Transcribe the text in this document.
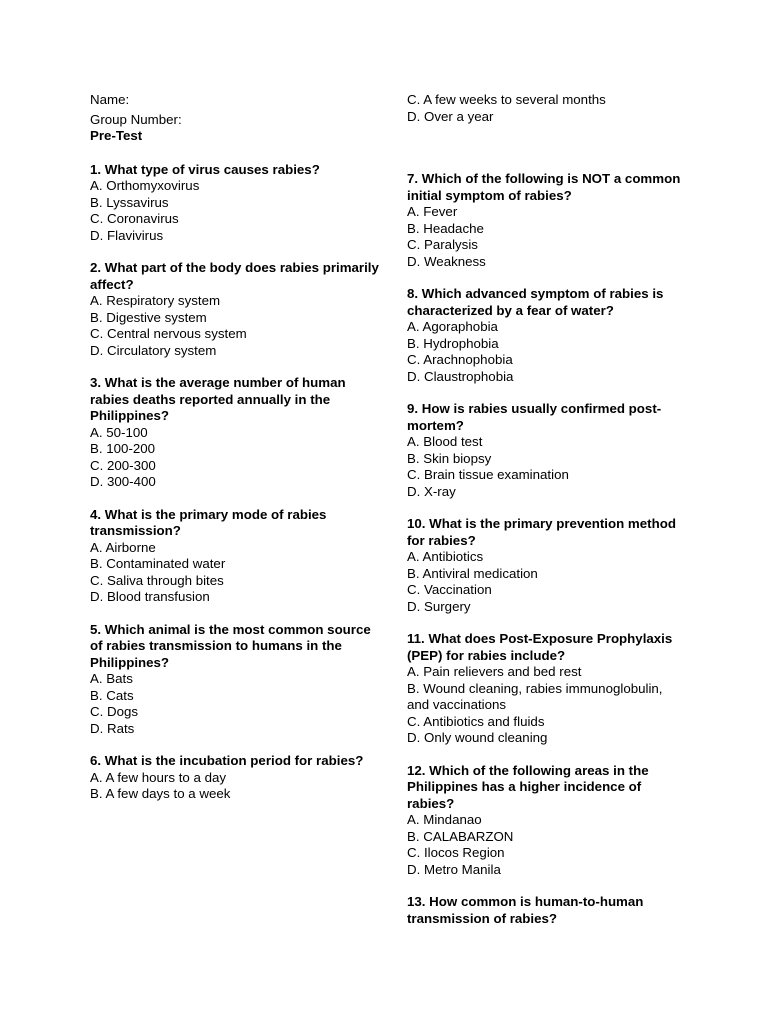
Name:
Group Number:
Pre-Test
1. What type of virus causes rabies?
A. Orthomyxovirus
B. Lyssavirus
C. Coronavirus
D. Flavivirus
2. What part of the body does rabies primarily affect?
A. Respiratory system
B. Digestive system
C. Central nervous system
D. Circulatory system
3. What is the average number of human rabies deaths reported annually in the Philippines?
A. 50-100
B. 100-200
C. 200-300
D. 300-400
4. What is the primary mode of rabies transmission?
A. Airborne
B. Contaminated water
C. Saliva through bites
D. Blood transfusion
5. Which animal is the most common source of rabies transmission to humans in the Philippines?
A. Bats
B. Cats
C. Dogs
D. Rats
6. What is the incubation period for rabies?
A. A few hours to a day
B. A few days to a week
C. A few weeks to several months
D. Over a year
7. Which of the following is NOT a common initial symptom of rabies?
A. Fever
B. Headache
C. Paralysis
D. Weakness
8. Which advanced symptom of rabies is characterized by a fear of water?
A. Agoraphobia
B. Hydrophobia
C. Arachnophobia
D. Claustrophobia
9. How is rabies usually confirmed post-mortem?
A. Blood test
B. Skin biopsy
C. Brain tissue examination
D. X-ray
10. What is the primary prevention method for rabies?
A. Antibiotics
B. Antiviral medication
C. Vaccination
D. Surgery
11. What does Post-Exposure Prophylaxis (PEP) for rabies include?
A. Pain relievers and bed rest
B. Wound cleaning, rabies immunoglobulin, and vaccinations
C. Antibiotics and fluids
D. Only wound cleaning
12. Which of the following areas in the Philippines has a higher incidence of rabies?
A. Mindanao
B. CALABARZON
C. Ilocos Region
D. Metro Manila
13. How common is human-to-human transmission of rabies?
